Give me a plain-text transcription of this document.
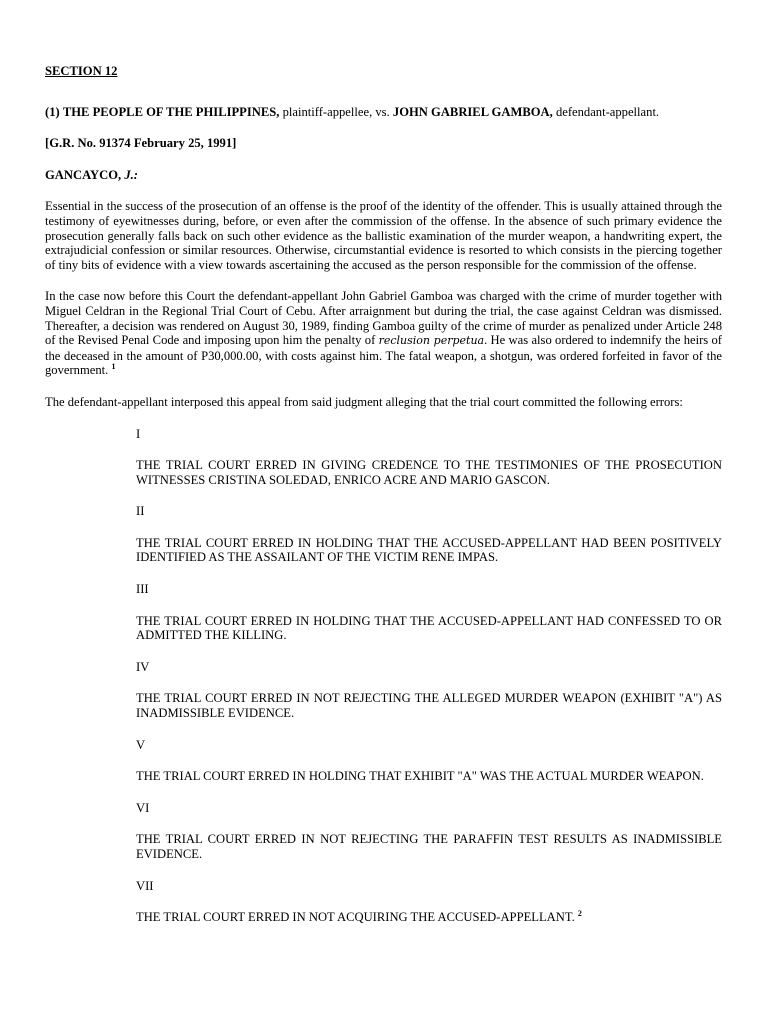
SECTION 12
(1) THE PEOPLE OF THE PHILIPPINES, plaintiff-appellee, vs. JOHN GABRIEL GAMBOA, defendant-appellant.
[G.R. No. 91374 February 25, 1991]
GANCAYCO, J.:
Essential in the success of the prosecution of an offense is the proof of the identity of the offender. This is usually attained through the testimony of eyewitnesses during, before, or even after the commission of the offense. In the absence of such primary evidence the prosecution generally falls back on such other evidence as the ballistic examination of the murder weapon, a handwriting expert, the extrajudicial confession or similar resources. Otherwise, circumstantial evidence is resorted to which consists in the piercing together of tiny bits of evidence with a view towards ascertaining the accused as the person responsible for the commission of the offense.
In the case now before this Court the defendant-appellant John Gabriel Gamboa was charged with the crime of murder together with Miguel Celdran in the Regional Trial Court of Cebu. After arraignment but during the trial, the case against Celdran was dismissed. Thereafter, a decision was rendered on August 30, 1989, finding Gamboa guilty of the crime of murder as penalized under Article 248 of the Revised Penal Code and imposing upon him the penalty of reclusion perpetua. He was also ordered to indemnify the heirs of the deceased in the amount of P30,000.00, with costs against him. The fatal weapon, a shotgun, was ordered forfeited in favor of the government. $^1$
The defendant-appellant interposed this appeal from said judgment alleging that the trial court committed the following errors:
I
THE TRIAL COURT ERRED IN GIVING CREDENCE TO THE TESTIMONIES OF THE PROSECUTION WITNESSES CRISTINA SOLEDAD, ENRICO ACRE AND MARIO GASCON.
II
THE TRIAL COURT ERRED IN HOLDING THAT THE ACCUSED-APPELLANT HAD BEEN POSITIVELY IDENTIFIED AS THE ASSAILANT OF THE VICTIM RENE IMPAS.
III
THE TRIAL COURT ERRED IN HOLDING THAT THE ACCUSED-APPELLANT HAD CONFESSED TO OR ADMITTED THE KILLING.
IV
THE TRIAL COURT ERRED IN NOT REJECTING THE ALLEGED MURDER WEAPON (EXHIBIT "A") AS INADMISSIBLE EVIDENCE.
V
THE TRIAL COURT ERRED IN HOLDING THAT EXHIBIT "A" WAS THE ACTUAL MURDER WEAPON.
VI
THE TRIAL COURT ERRED IN NOT REJECTING THE PARAFFIN TEST RESULTS AS INADMISSIBLE EVIDENCE.
VII
THE TRIAL COURT ERRED IN NOT ACQUIRING THE ACCUSED-APPELLANT. $^2$
